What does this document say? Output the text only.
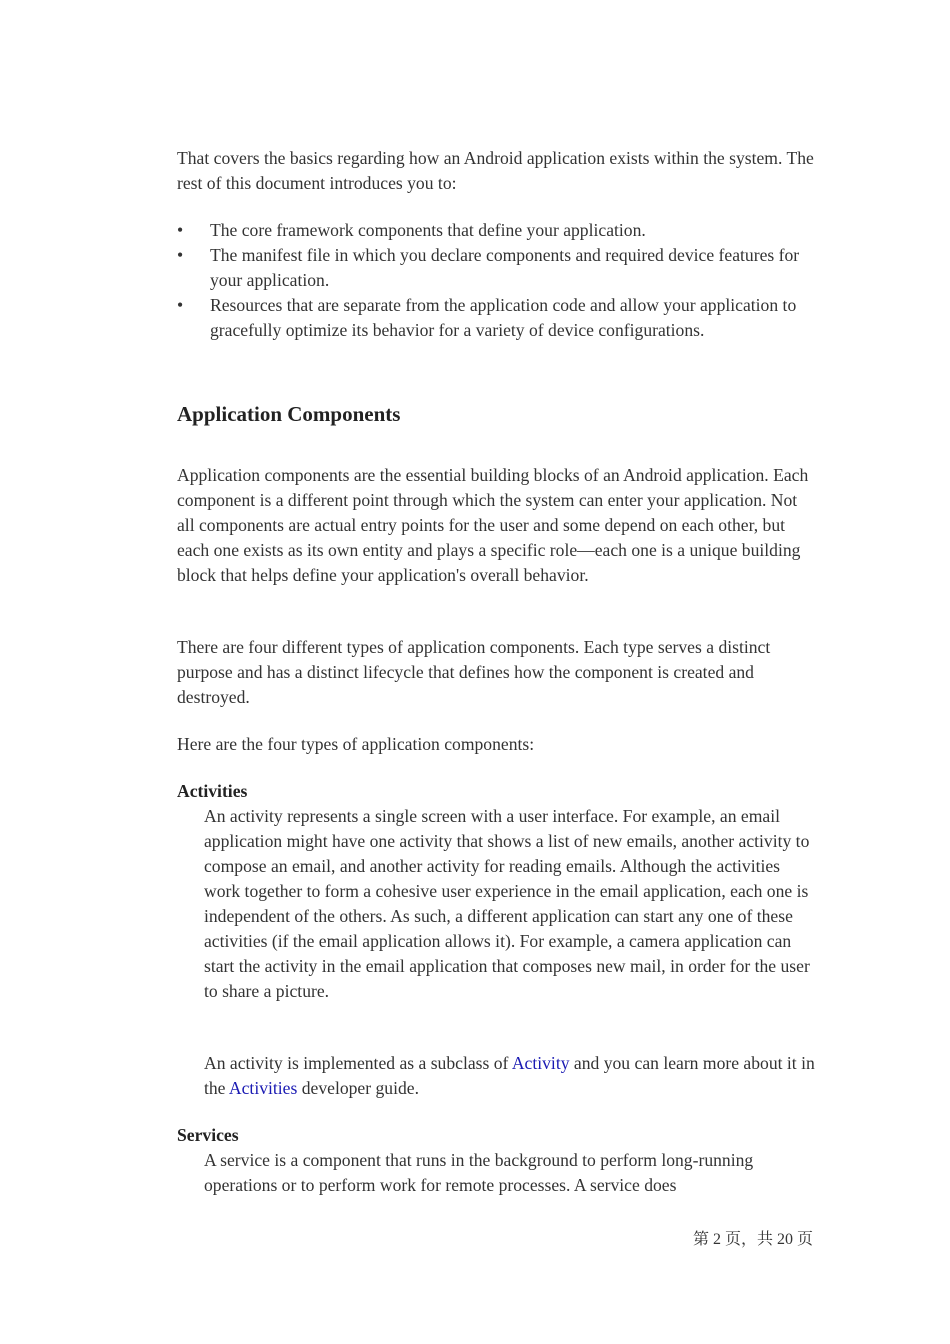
That covers the basics regarding how an Android application exists within the system. The rest of this document introduces you to:

•	The core framework components that define your application.
•	The manifest file in which you declare components and required device features for your application.
•	Resources that are separate from the application code and allow your application to gracefully optimize its behavior for a variety of device configurations.
Application Components

Application components are the essential building blocks of an Android application. Each component is a different point through which the system can enter your application. Not all components are actual entry points for the user and some depend on each other, but each one exists as its own entity and plays a specific role—each one is a unique building block that helps define your application's overall behavior.

There are four different types of application components. Each type serves a distinct purpose and has a distinct lifecycle that defines how the component is created and destroyed.

Here are the four types of application components:

Activities

An activity represents a single screen with a user interface. For example, an email application might have one activity that shows a list of new emails, another activity to compose an email, and another activity for reading emails. Although the activities work together to form a cohesive user experience in the email application, each one is independent of the others. As such, a different application can start any one of these activities (if the email application allows it). For example, a camera application can start the activity in the email application that composes new mail, in order for the user to share a picture.

An activity is implemented as a subclass of Activity and you can learn more about it in the Activities developer guide.

Services

A service is a component that runs in the background to perform long-running operations or to perform work for remote processes. A service does

第 2 页，共 20 页
